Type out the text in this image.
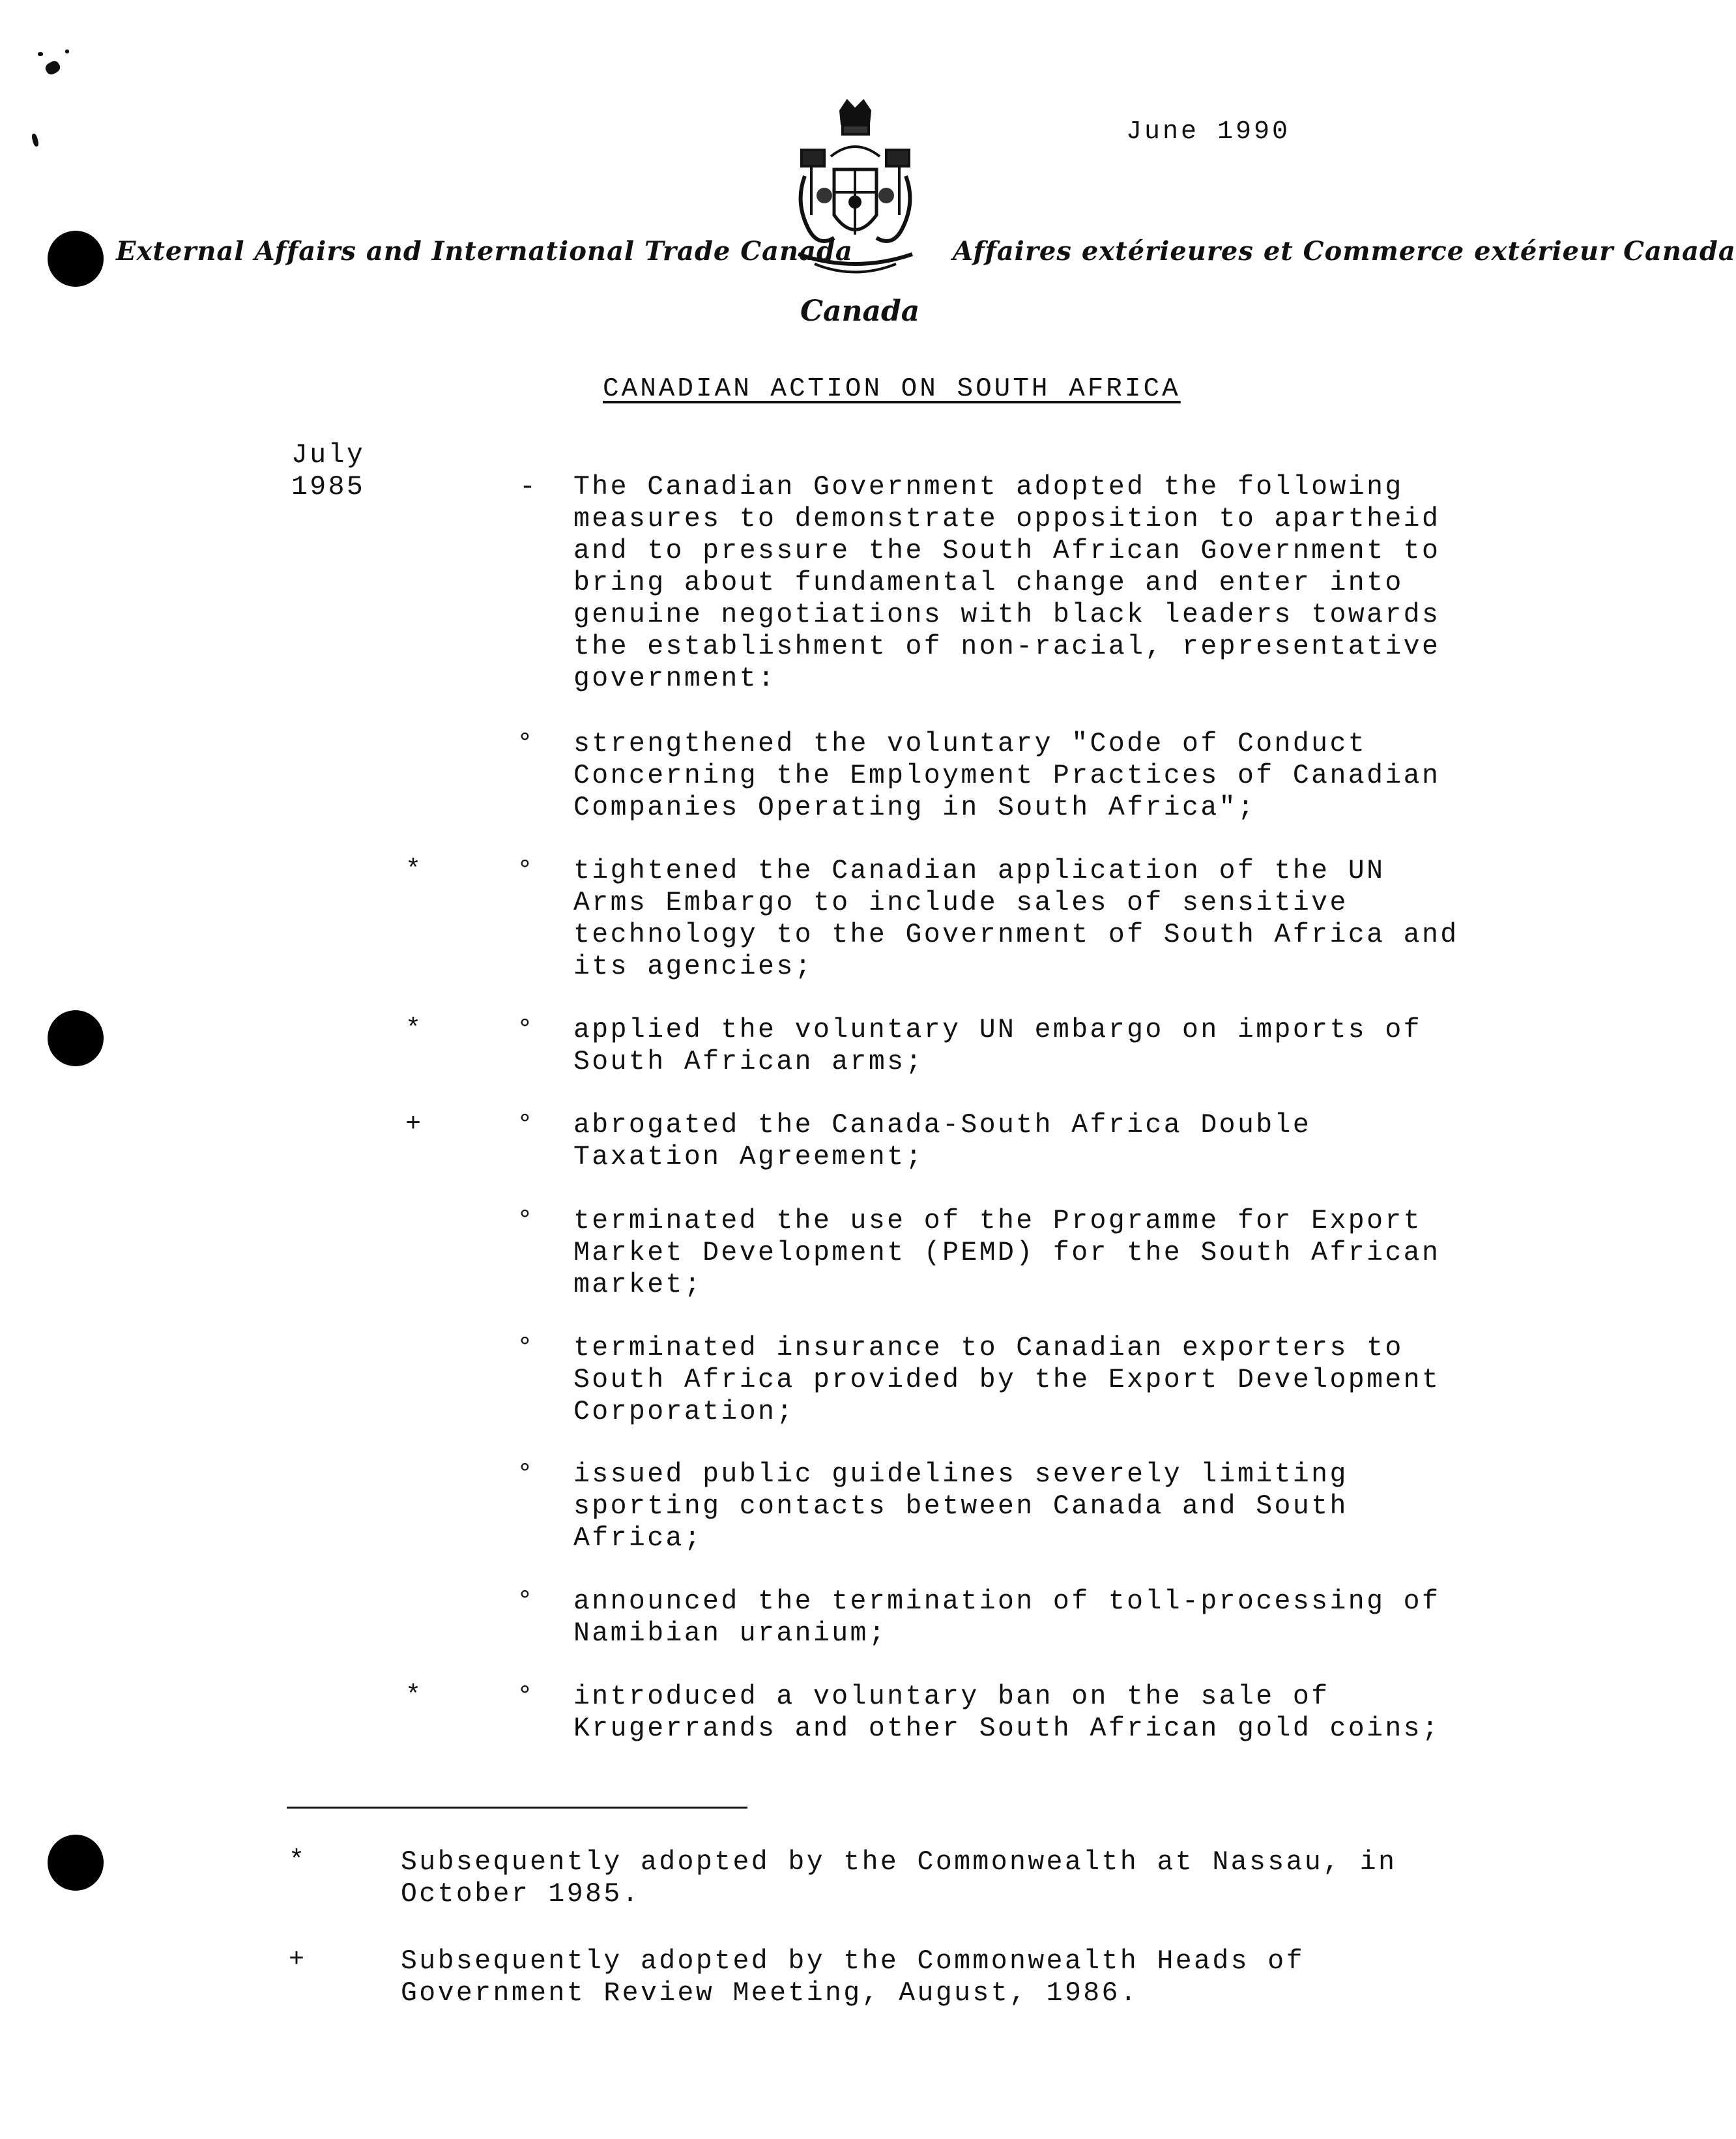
June 1990
External Affairs and International Trade Canada	Affaires extérieures et Commerce extérieur Canada
Canada
CANADIAN ACTION ON SOUTH AFRICA
July
1985	- The Canadian Government adopted the following
measures to demonstrate opposition to apartheid
and to pressure the South African Government to
bring about fundamental change and enter into
genuine negotiations with black leaders towards
the establishment of non-racial, representative
government:
° strengthened the voluntary "Code of Conduct
Concerning the Employment Practices of Canadian
Companies Operating in South Africa";
*	° tightened the Canadian application of the UN
Arms Embargo to include sales of sensitive
technology to the Government of South Africa and
its agencies;
*	° applied the voluntary UN embargo on imports of
South African arms;
+	° abrogated the Canada-South Africa Double
Taxation Agreement;
° terminated the use of the Programme for Export
Market Development (PEMD) for the South African
market;
° terminated insurance to Canadian exporters to
South Africa provided by the Export Development
Corporation;
° issued public guidelines severely limiting
sporting contacts between Canada and South
Africa;
° announced the termination of toll-processing of
Namibian uranium;
*	° introduced a voluntary ban on the sale of
Krugerrands and other South African gold coins;
*	Subsequently adopted by the Commonwealth at Nassau, in
October 1985.
+	Subsequently adopted by the Commonwealth Heads of
Government Review Meeting, August, 1986.
